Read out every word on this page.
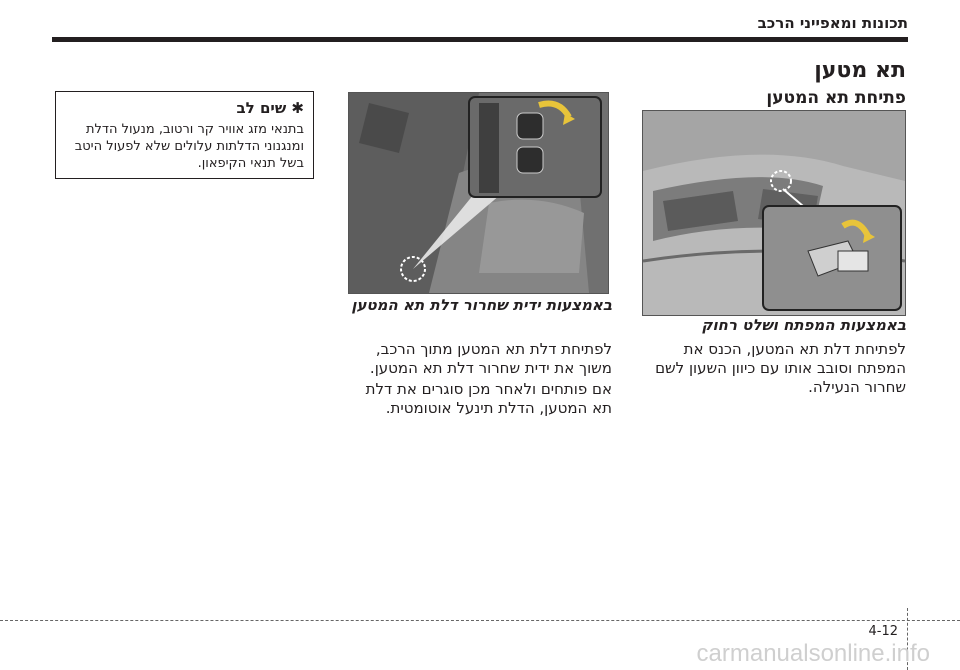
תכונות ומאפייני הרכב
תא מטען
פתיחת תא המטען
באמצעות המפתח ושלט רחוק
לפתיחת דלת תא המטען, הכנס את המפתח וסובב אותו עם כיוון השעון לשם שחרור הנעילה.
באמצעות ידית שחרור דלת תא המטען
לפתיחת דלת תא המטען מתוך הרכב, משוך את ידית שחרור דלת תא המטען.
אם פותחים ולאחר מכן סוגרים את דלת תא המטען, הדלת תינעל אוטומטית.
✱ שים לב
בתנאי מזג אוויר קר ורטוב, מנעול הדלת ומנגנוני הדלתות עלולים שלא לפעול היטב בשל תנאי הקיפאון.
4-12
carmanualsonline.info
